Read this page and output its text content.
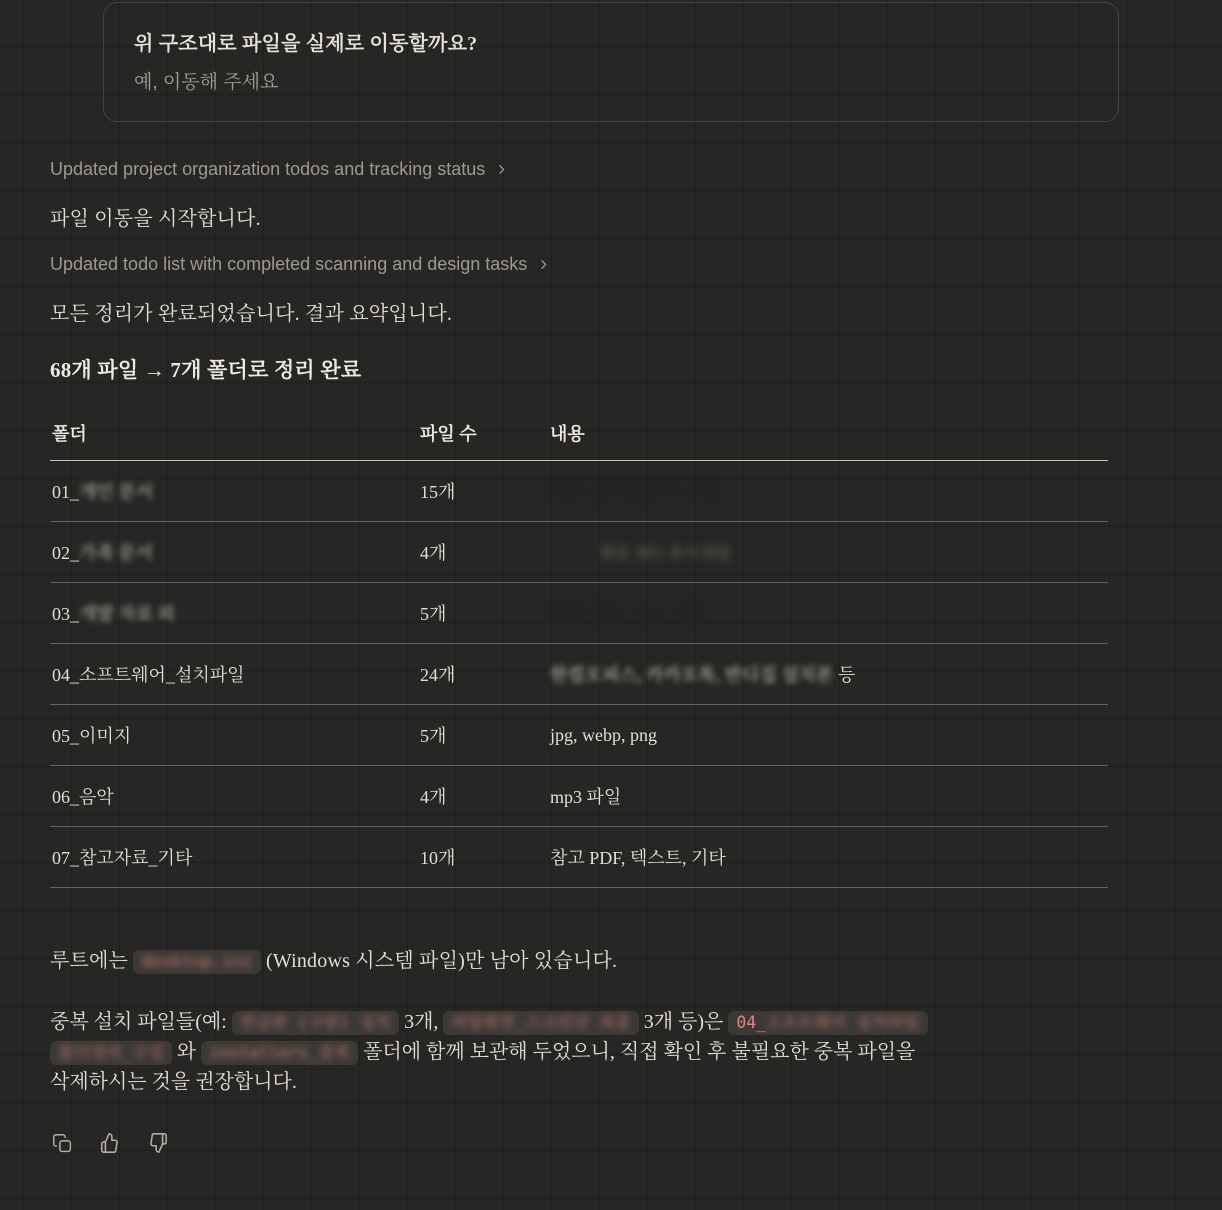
위 구조대로 파일을 실제로 이동할까요?
예, 이동해 주세요
Updated project organization todos and tracking status
파일 이동을 시작합니다.
Updated todo list with completed scanning and design tasks
모든 정리가 완료되었습니다. 결과 요약입니다.
68개 파일 → 7개 폴더로 정리 완료
폴더	파일 수	내용
01_개인 문서	15개	개인 업무용 문서 모음
02_가족 문서	4개	한글, 워드 문서 파일
03_개발 자료 외	5개	압축 파일, 코드 자료
04_소프트웨어_설치파일	24개	한컴오피스, 카카오톡, 반디집 설치본 등
05_이미지	5개	jpg, webp, png
06_음악	4개	mp3 파일
07_참고자료_기타	10개	참고 PDF, 텍스트, 기타
루트에는 desktop.ini (Windows 시스템 파일)만 남아 있습니다.
중복 설치 파일들(예: 한글판 (구판) 설치 3개, 바탕화면_스크린샷 최종 3개 등)은 04_소프트웨어 설치파일
폴더정리_구성 와 installers_중복 폴더에 함께 보관해 두었으니, 직접 확인 후 불필요한 중복 파일을
삭제하시는 것을 권장합니다.
